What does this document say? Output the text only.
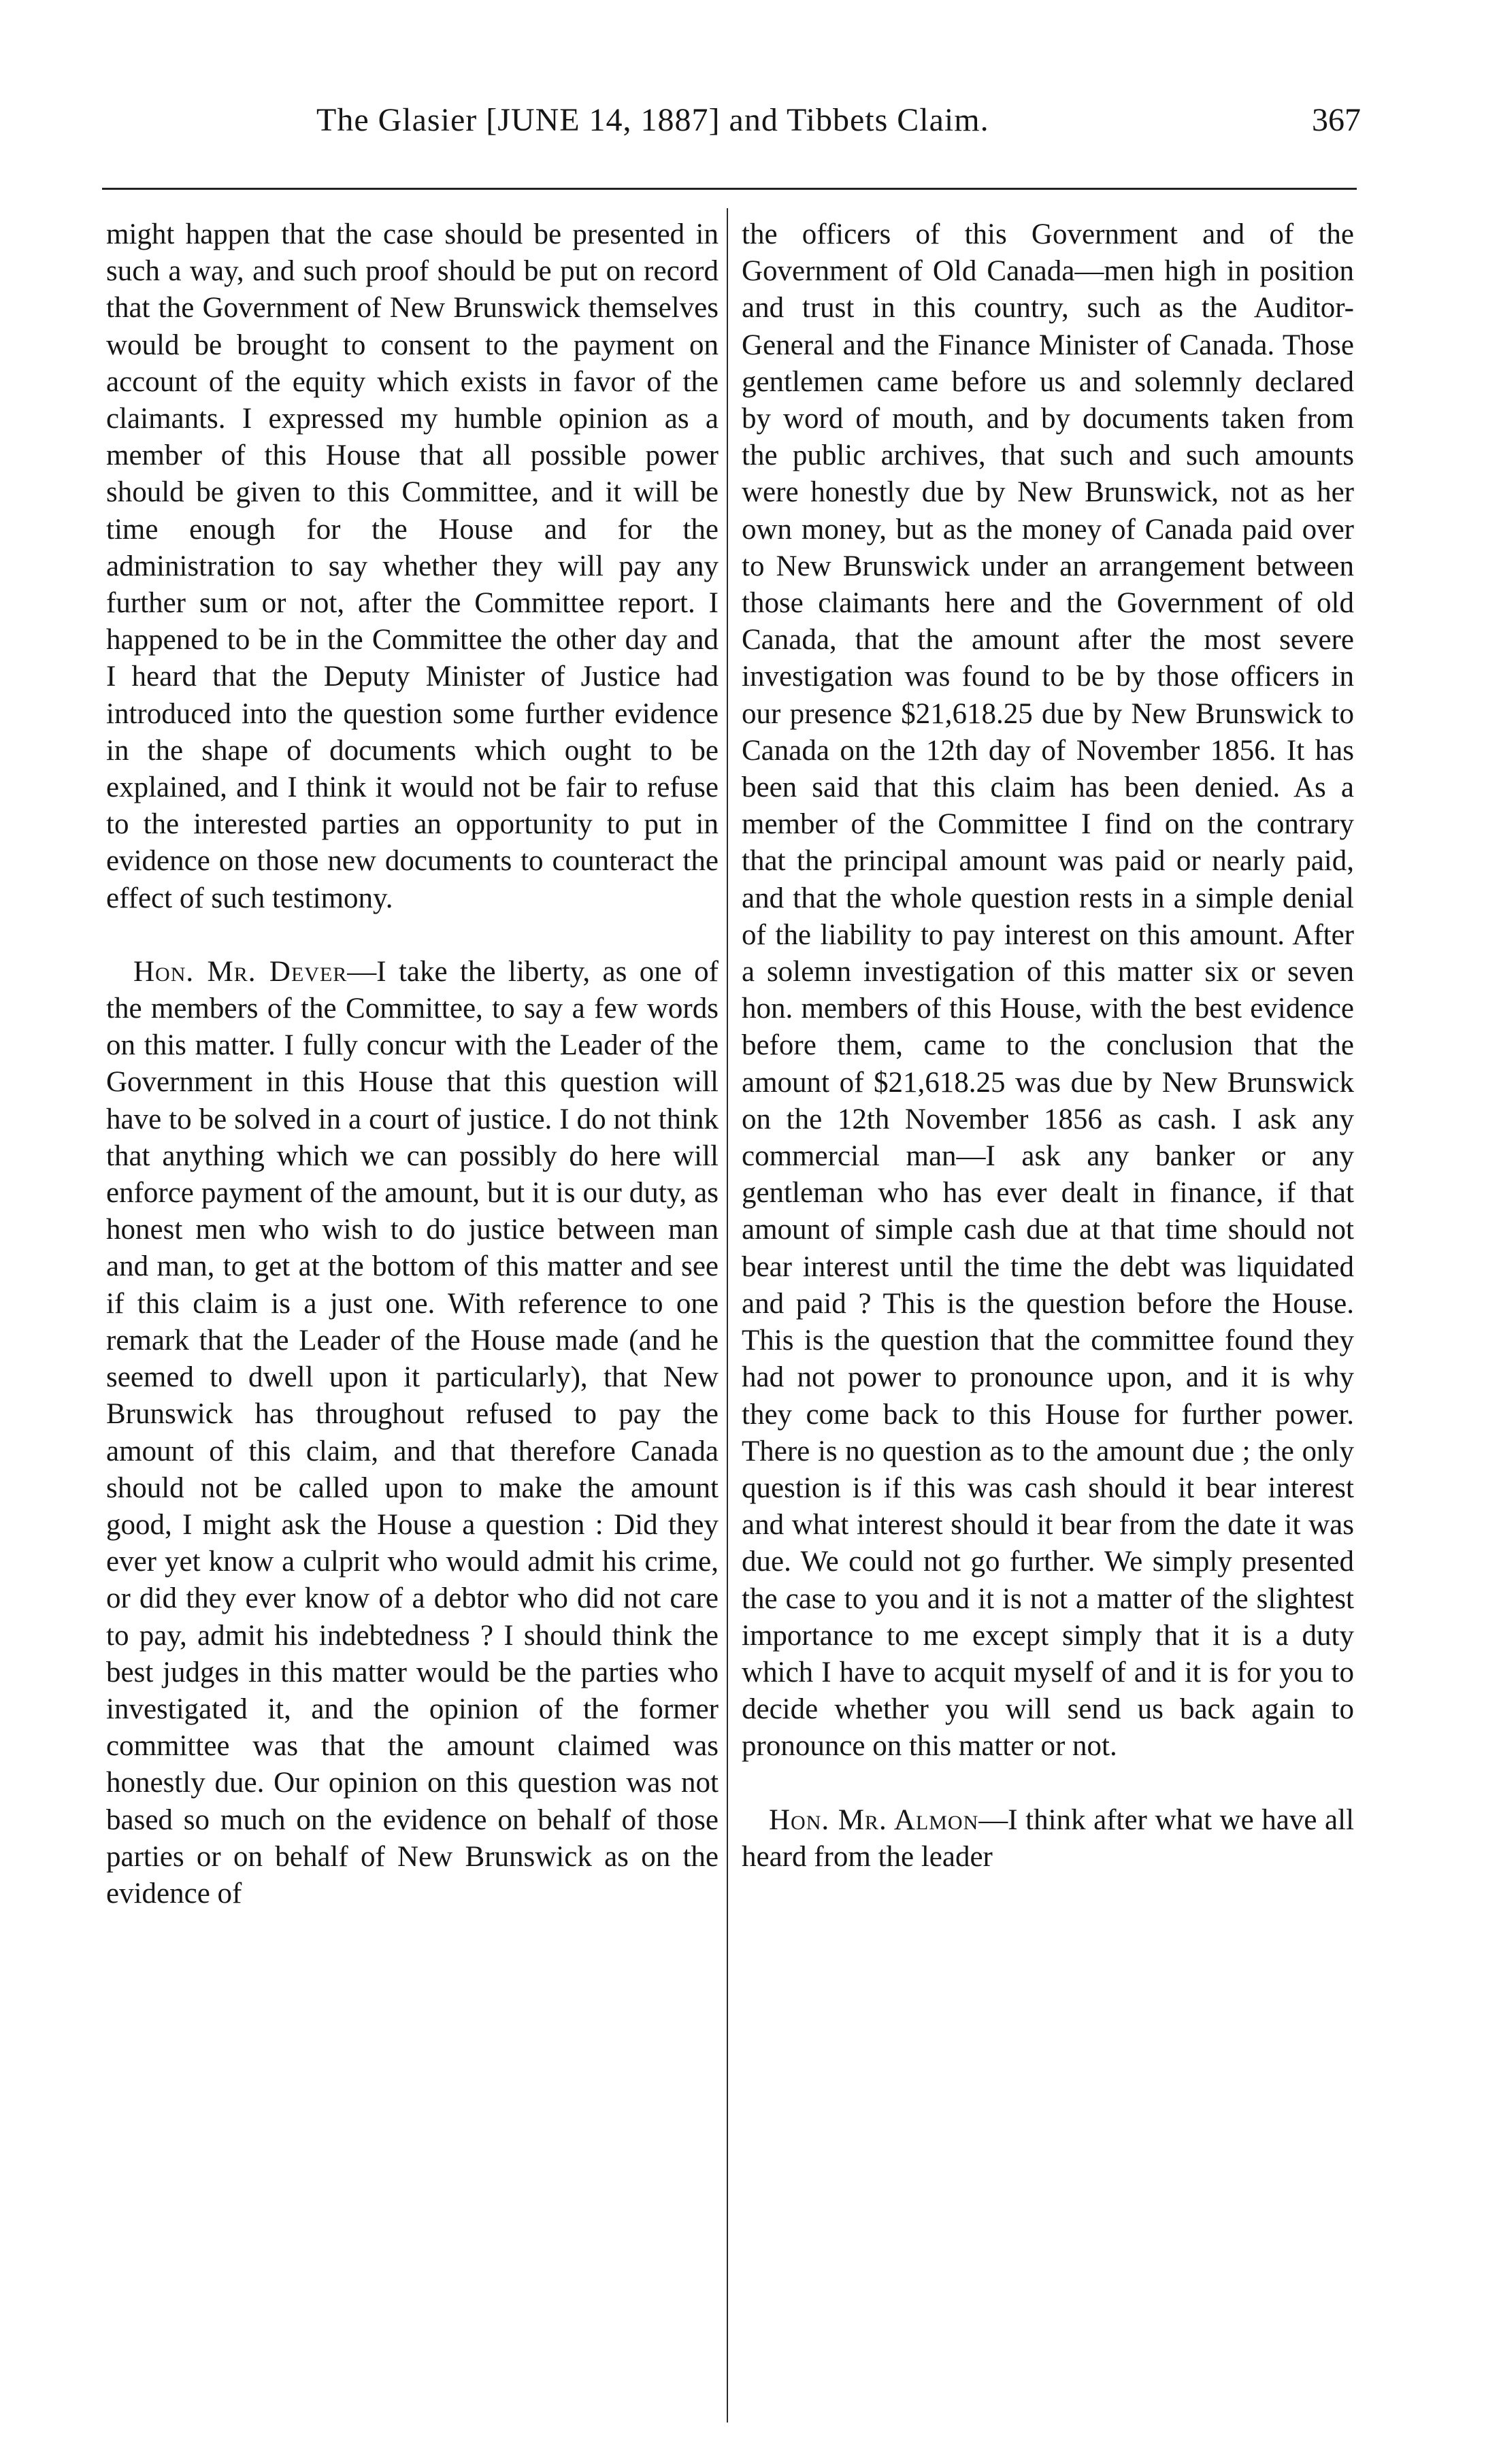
The Glasier [JUNE 14, 1887] and Tibbets Claim.	367

might happen that the case should be presented in such a way, and such proof should be put on record that the Government of New Brunswick themselves would be brought to consent to the payment on account of the equity which exists in favor of the claimants. I expressed my humble opinion as a member of this House that all possible power should be given to this Committee, and it will be time enough for the House and for the administration to say whether they will pay any further sum or not, after the Committee report. I happened to be in the Committee the other day and I heard that the Deputy Minister of Justice had introduced into the question some further evidence in the shape of documents which ought to be explained, and I think it would not be fair to refuse to the interested parties an opportunity to put in evidence on those new documents to counteract the effect of such testimony.

Hon. Mr. Dever—I take the liberty, as one of the members of the Committee, to say a few words on this matter. I fully concur with the Leader of the Government in this House that this question will have to be solved in a court of justice. I do not think that anything which we can possibly do here will enforce payment of the amount, but it is our duty, as honest men who wish to do justice between man and man, to get at the bottom of this matter and see if this claim is a just one. With reference to one remark that the Leader of the House made (and he seemed to dwell upon it particularly), that New Brunswick has throughout refused to pay the amount of this claim, and that therefore Canada should not be called upon to make the amount good, I might ask the House a question : Did they ever yet know a culprit who would admit his crime, or did they ever know of a debtor who did not care to pay, admit his indebtedness ? I should think the best judges in this matter would be the parties who investigated it, and the opinion of the former committee was that the amount claimed was honestly due. Our opinion on this question was not based so much on the evidence on behalf of those parties or on behalf of New Brunswick as on the evidence of

the officers of this Government and of the Government of Old Canada—men high in position and trust in this country, such as the Auditor-General and the Finance Minister of Canada. Those gentlemen came before us and solemnly declared by word of mouth, and by documents taken from the public archives, that such and such amounts were honestly due by New Brunswick, not as her own money, but as the money of Canada paid over to New Brunswick under an arrangement between those claimants here and the Government of old Canada, that the amount after the most severe investigation was found to be by those officers in our presence $21,618.25 due by New Brunswick to Canada on the 12th day of November 1856. It has been said that this claim has been denied. As a member of the Committee I find on the contrary that the principal amount was paid or nearly paid, and that the whole question rests in a simple denial of the liability to pay interest on this amount. After a solemn investigation of this matter six or seven hon. members of this House, with the best evidence before them, came to the conclusion that the amount of $21,618.25 was due by New Brunswick on the 12th November 1856 as cash. I ask any commercial man—I ask any banker or any gentleman who has ever dealt in finance, if that amount of simple cash due at that time should not bear interest until the time the debt was liquidated and paid ? This is the question before the House. This is the question that the committee found they had not power to pronounce upon, and it is why they come back to this House for further power. There is no question as to the amount due ; the only question is if this was cash should it bear interest and what interest should it bear from the date it was due. We could not go further. We simply presented the case to you and it is not a matter of the slightest importance to me except simply that it is a duty which I have to acquit myself of and it is for you to decide whether you will send us back again to pronounce on this matter or not.

Hon. Mr. Almon—I think after what we have all heard from the leader
